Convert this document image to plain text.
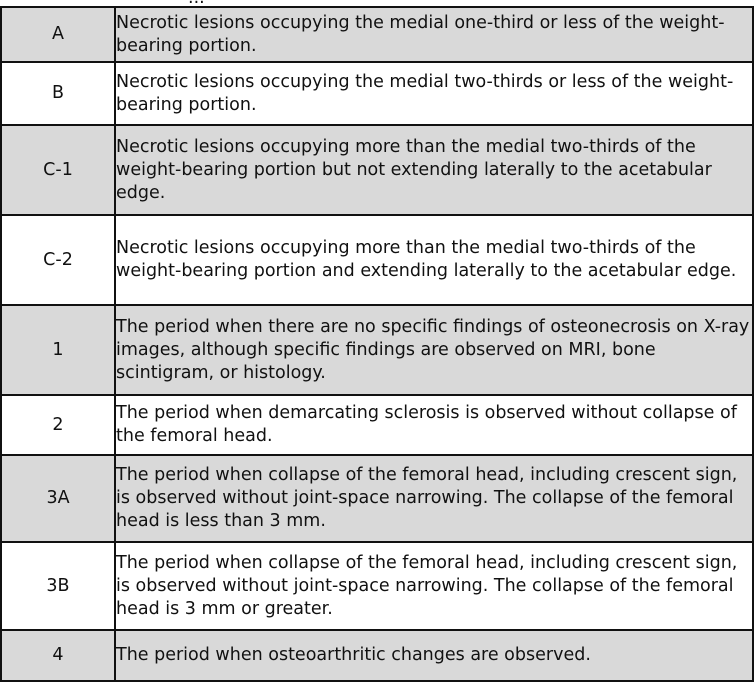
A	Necrotic lesions occupying the medial one-third or less of the weight-bearing portion.
B	Necrotic lesions occupying the medial two-thirds or less of the weight-bearing portion.
C-1	Necrotic lesions occupying more than the medial two-thirds of the weight-bearing portion but not extending laterally to the acetabular edge.
C-2	Necrotic lesions occupying more than the medial two-thirds of the weight-bearing portion and extending laterally to the acetabular edge.
1	The period when there are no specific findings of osteonecrosis on X-ray images, although specific findings are observed on MRI, bone scintigram, or histology.
2	The period when demarcating sclerosis is observed without collapse of the femoral head.
3A	The period when collapse of the femoral head, including crescent sign, is observed without joint-space narrowing. The collapse of the femoral head is less than 3 mm.
3B	The period when collapse of the femoral head, including crescent sign, is observed without joint-space narrowing. The collapse of the femoral head is 3 mm or greater.
4	The period when osteoarthritic changes are observed.
